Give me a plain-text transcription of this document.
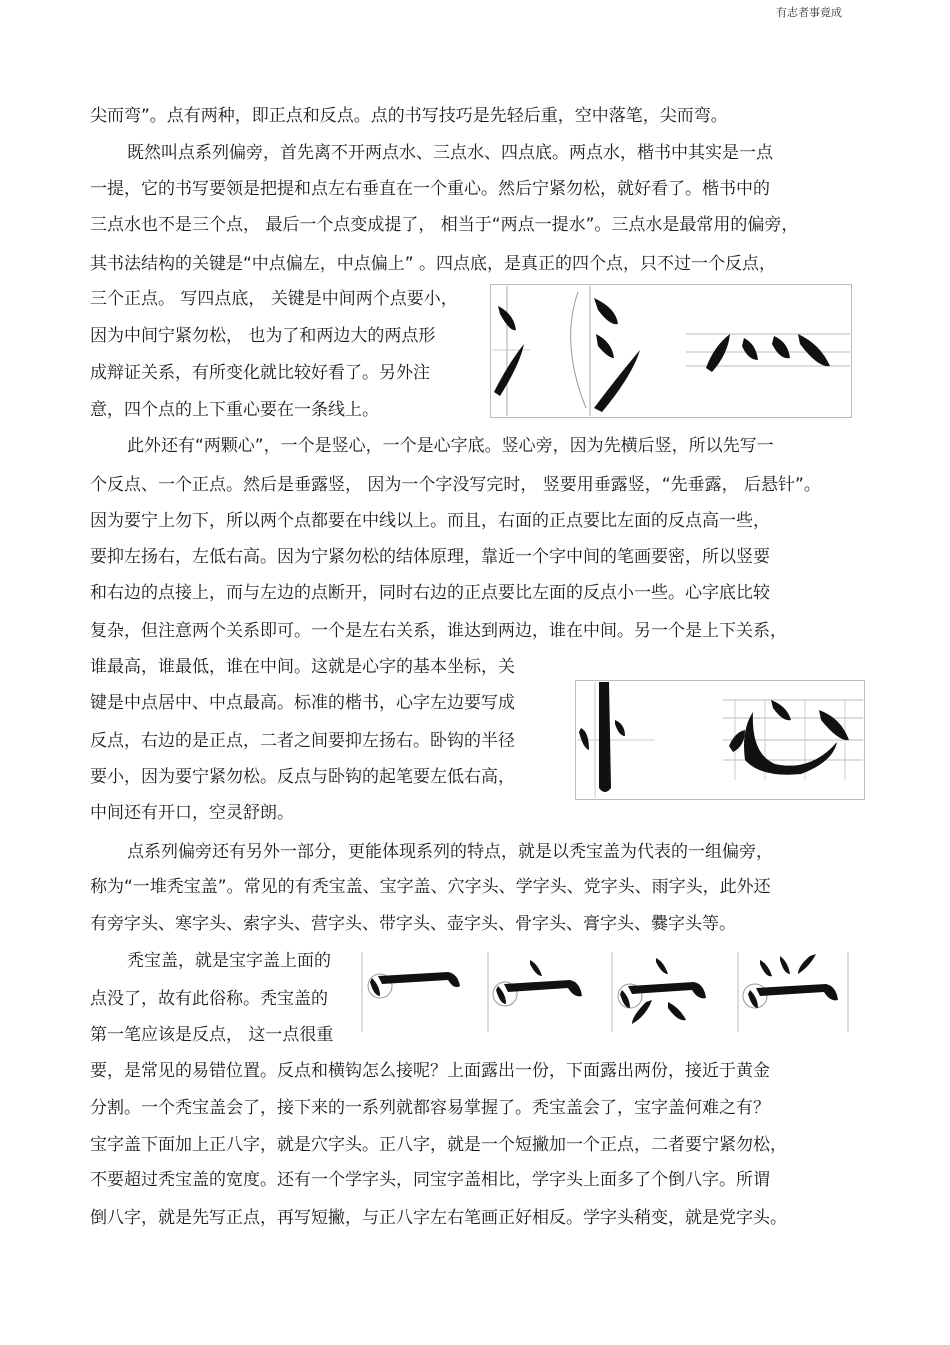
有志者事竟成
尖而弯”。点有两种，即正点和反点。点的书写技巧是先轻后重，空中落笔，尖而弯。
既然叫点系列偏旁，首先离不开两点水、三点水、四点底。两点水，楷书中其实是一点
一提，它的书写要领是把提和点左右垂直在一个重心。然后宁紧勿松，就好看了。楷书中的
三点水也不是三个点， 最后一个点变成提了， 相当于“两点一提水”。三点水是最常用的偏旁，
其书法结构的关键是“中点偏左，中点偏上” 。四点底，是真正的四个点，只不过一个反点，
三个正点。 写四点底， 关键是中间两个点要小，
因为中间宁紧勿松， 也为了和两边大的两点形
成辩证关系，有所变化就比较好看了。另外注
意，四个点的上下重心要在一条线上。
此外还有“两颗心”，一个是竖心，一个是心字底。竖心旁，因为先横后竖，所以先写一
个反点、一个正点。然后是垂露竖， 因为一个字没写完时， 竖要用垂露竖，“先垂露， 后悬针”。
因为要宁上勿下，所以两个点都要在中线以上。而且，右面的正点要比左面的反点高一些，
要抑左扬右，左低右高。因为宁紧勿松的结体原理，靠近一个字中间的笔画要密，所以竖要
和右边的点接上，而与左边的点断开，同时右边的正点要比左面的反点小一些。心字底比较
复杂，但注意两个关系即可。一个是左右关系，谁达到两边，谁在中间。另一个是上下关系，
谁最高，谁最低，谁在中间。这就是心字的基本坐标，关
键是中点居中、中点最高。标准的楷书，心字左边要写成
反点，右边的是正点，二者之间要抑左扬右。卧钩的半径
要小，因为要宁紧勿松。反点与卧钩的起笔要左低右高，
中间还有开口，空灵舒朗。
点系列偏旁还有另外一部分，更能体现系列的特点，就是以秃宝盖为代表的一组偏旁，
称为“一堆秃宝盖”。常见的有秃宝盖、宝字盖、穴字头、学字头、党字头、雨字头，此外还
有旁字头、寒字头、索字头、营字头、带字头、壶字头、骨字头、膏字头、爨字头等。
秃宝盖，就是宝字盖上面的
点没了，故有此俗称。秃宝盖的
第一笔应该是反点， 这一点很重
要，是常见的易错位置。反点和横钩怎么接呢？上面露出一份，下面露出两份，接近于黄金
分割。一个秃宝盖会了，接下来的一系列就都容易掌握了。秃宝盖会了，宝字盖何难之有？
宝字盖下面加上正八字，就是穴字头。正八字，就是一个短撇加一个正点，二者要宁紧勿松，
不要超过秃宝盖的宽度。还有一个学字头，同宝字盖相比，学字头上面多了个倒八字。所谓
倒八字，就是先写正点，再写短撇，与正八字左右笔画正好相反。学字头稍变，就是党字头。
